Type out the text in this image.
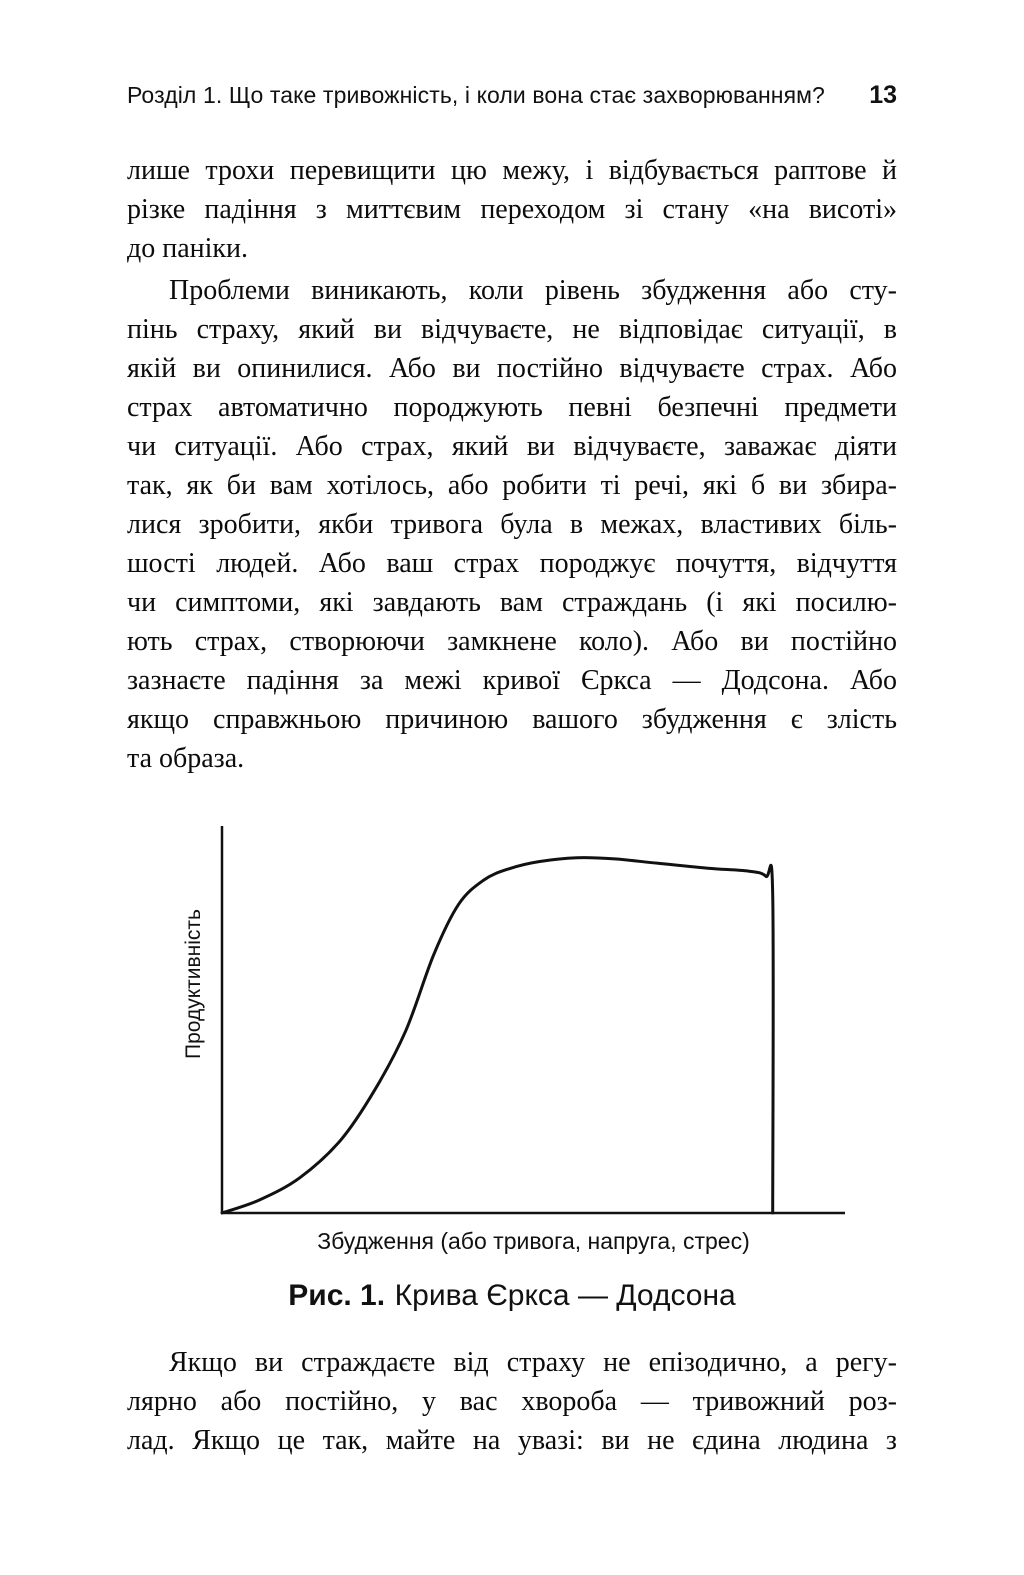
Розділ 1. Що таке тривожність, і коли вона стає захворюванням? 13
лише трохи перевищити цю межу, і відбувається раптове й
різке падіння з миттєвим переходом зі стану «на висоті»
до паніки.
Проблеми виникають, коли рівень збудження або сту-
пінь страху, який ви відчуваєте, не відповідає ситуації, в
якій ви опинилися. Або ви постійно відчуваєте страх. Або
страх автоматично породжують певні безпечні предмети
чи ситуації. Або страх, який ви відчуваєте, заважає діяти
так, як би вам хотілось, або робити ті речі, які б ви збира-
лися зробити, якби тривога була в межах, властивих біль-
шості людей. Або ваш страх породжує почуття, відчуття
чи симптоми, які завдають вам страждань (і які посилю-
ють страх, створюючи замкнене коло). Або ви постійно
зазнаєте падіння за межі кривої Єркса — Додсона. Або
якщо справжньою причиною вашого збудження є злість
та образа.
Продуктивність
Збудження (або тривога, напруга, стрес)
Рис. 1. Крива Єркса — Додсона
Якщо ви страждаєте від страху не епізодично, а регу-
лярно або постійно, у вас хвороба — тривожний роз-
лад. Якщо це так, майте на увазі: ви не єдина людина з
